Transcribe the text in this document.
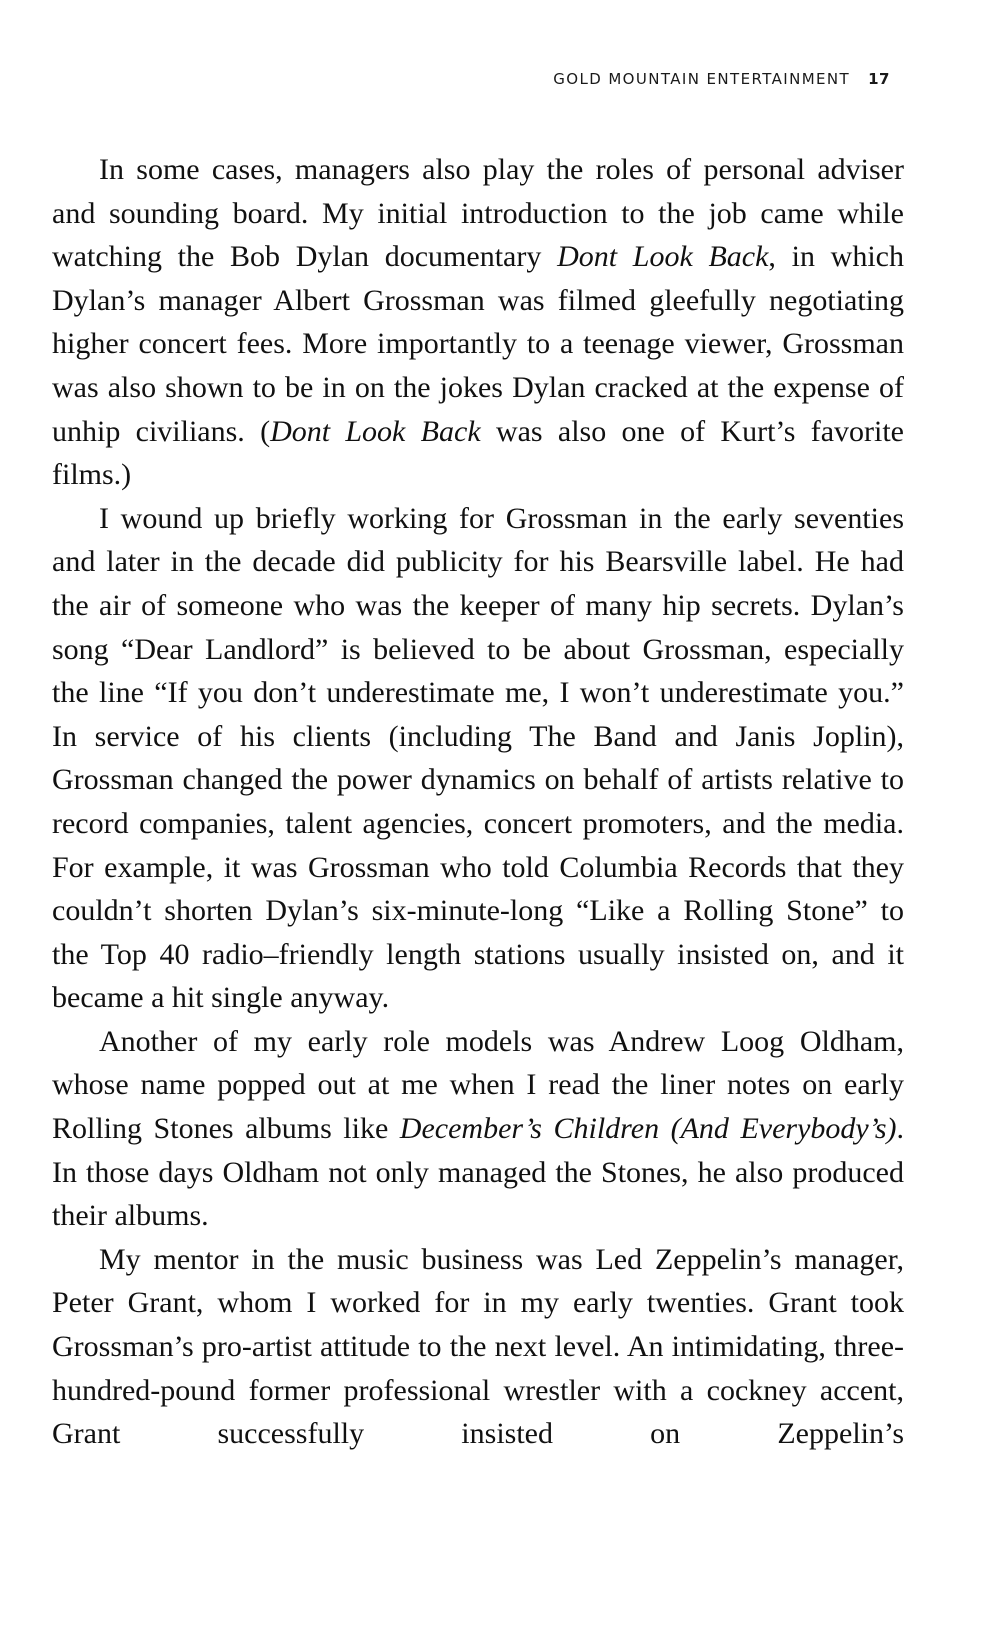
GOLD MOUNTAIN ENTERTAINMENT 17

In some cases, managers also play the roles of personal adviser and sounding board. My initial introduction to the job came while watching the Bob Dylan documentary Dont Look Back, in which Dylan’s manager Albert Grossman was filmed gleefully negotiating higher concert fees. More importantly to a teenage viewer, Grossman was also shown to be in on the jokes Dylan cracked at the expense of unhip civilians. (Dont Look Back was also one of Kurt’s favorite films.)

I wound up briefly working for Grossman in the early seventies and later in the decade did publicity for his Bearsville label. He had the air of someone who was the keeper of many hip secrets. Dylan’s song “Dear Landlord” is believed to be about Grossman, especially the line “If you don’t underestimate me, I won’t underestimate you.” In service of his clients (including The Band and Janis Joplin), Grossman changed the power dynamics on behalf of artists relative to record companies, talent agencies, concert promoters, and the media. For example, it was Grossman who told Columbia Records that they couldn’t shorten Dylan’s six-minute-long “Like a Rolling Stone” to the Top 40 radio–friendly length stations usually insisted on, and it became a hit single anyway.

Another of my early role models was Andrew Loog Oldham, whose name popped out at me when I read the liner notes on early Rolling Stones albums like December’s Children (And Everybody’s). In those days Oldham not only managed the Stones, he also produced their albums.

My mentor in the music business was Led Zeppelin’s manager, Peter Grant, whom I worked for in my early twenties. Grant took Grossman’s pro-artist attitude to the next level. An intimidating, three-hundred-pound former professional wrestler with a cockney accent, Grant successfully insisted on Zeppelin’s
